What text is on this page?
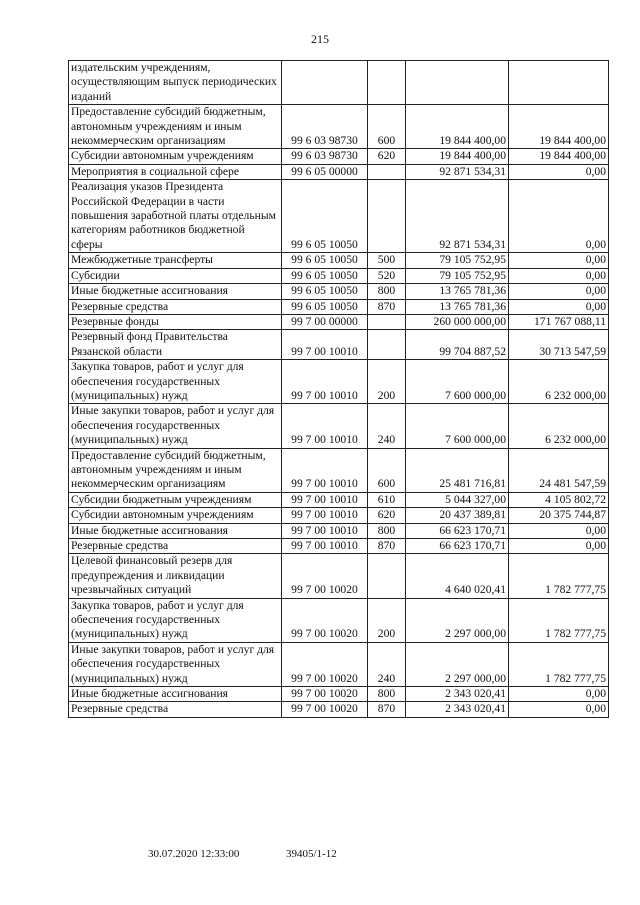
215
издательским учреждениям, осуществляющим выпуск периодических изданий				
Предоставление субсидий бюджетным, автономным учреждениям и иным некоммерческим организациям	99 6 03 98730	600	19 844 400,00	19 844 400,00
Субсидии автономным учреждениям	99 6 03 98730	620	19 844 400,00	19 844 400,00
Мероприятия в социальной сфере	99 6 05 00000		92 871 534,31	0,00
Реализация указов Президента Российской Федерации в части повышения заработной платы отдельным категориям работников бюджетной сферы	99 6 05 10050		92 871 534,31	0,00
Межбюджетные трансферты	99 6 05 10050	500	79 105 752,95	0,00
Субсидии	99 6 05 10050	520	79 105 752,95	0,00
Иные бюджетные ассигнования	99 6 05 10050	800	13 765 781,36	0,00
Резервные средства	99 6 05 10050	870	13 765 781,36	0,00
Резервные фонды	99 7 00 00000		260 000 000,00	171 767 088,11
Резервный фонд Правительства Рязанской области	99 7 00 10010		99 704 887,52	30 713 547,59
Закупка товаров, работ и услуг для обеспечения государственных (муниципальных) нужд	99 7 00 10010	200	7 600 000,00	6 232 000,00
Иные закупки товаров, работ и услуг для обеспечения государственных (муниципальных) нужд	99 7 00 10010	240	7 600 000,00	6 232 000,00
Предоставление субсидий бюджетным, автономным учреждениям и иным некоммерческим организациям	99 7 00 10010	600	25 481 716,81	24 481 547,59
Субсидии бюджетным учреждениям	99 7 00 10010	610	5 044 327,00	4 105 802,72
Субсидии автономным учреждениям	99 7 00 10010	620	20 437 389,81	20 375 744,87
Иные бюджетные ассигнования	99 7 00 10010	800	66 623 170,71	0,00
Резервные средства	99 7 00 10010	870	66 623 170,71	0,00
Целевой финансовый резерв для предупреждения и ликвидации чрезвычайных ситуаций	99 7 00 10020		4 640 020,41	1 782 777,75
Закупка товаров, работ и услуг для обеспечения государственных (муниципальных) нужд	99 7 00 10020	200	2 297 000,00	1 782 777,75
Иные закупки товаров, работ и услуг для обеспечения государственных (муниципальных) нужд	99 7 00 10020	240	2 297 000,00	1 782 777,75
Иные бюджетные ассигнования	99 7 00 10020	800	2 343 020,41	0,00
Резервные средства	99 7 00 10020	870	2 343 020,41	0,00
30.07.2020 12:33:00	39405/1-12
